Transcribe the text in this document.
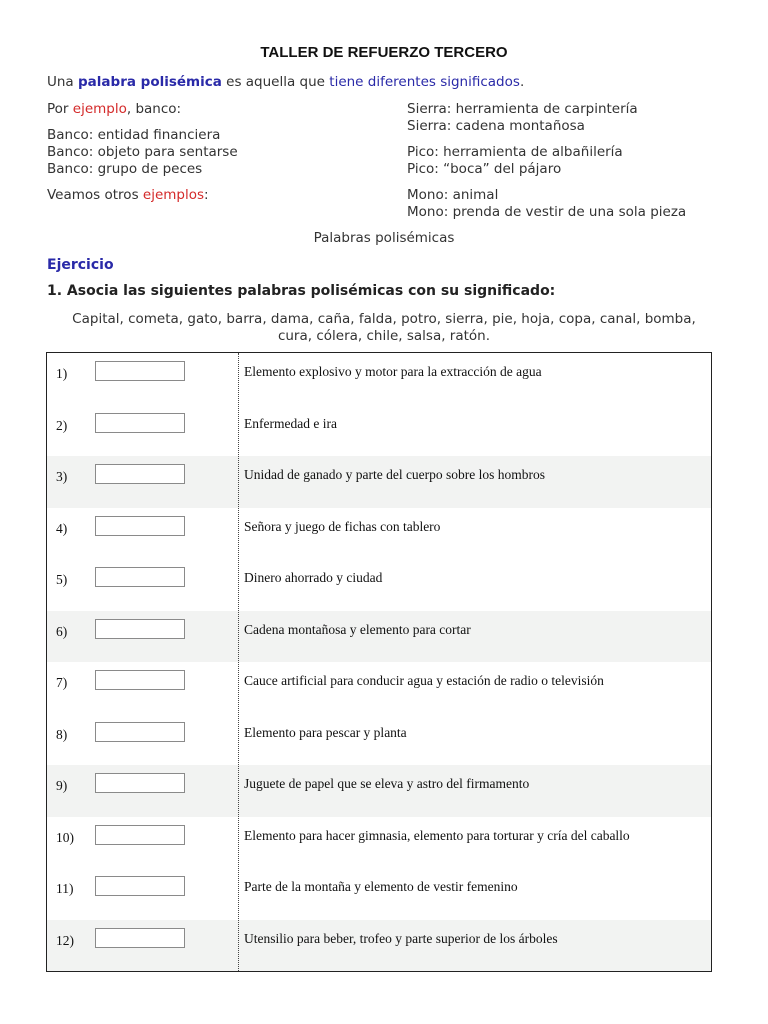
TALLER DE REFUERZO TERCERO
Una palabra polisémica es aquella que tiene diferentes significados.
Por ejemplo, banco:
Banco: entidad financiera
Banco: objeto para sentarse
Banco: grupo de peces
Veamos otros ejemplos:
Sierra: herramienta de carpintería
Sierra: cadena montañosa
Pico: herramienta de albañilería
Pico: “boca” del pájaro
Mono: animal
Mono: prenda de vestir de una sola pieza
Palabras polisémicas
Ejercicio
1. Asocia las siguientes palabras polisémicas con su significado:
Capital, cometa, gato, barra, dama, caña, falda, potro, sierra, pie, hoja, copa, canal, bomba,
cura, cólera, chile, salsa, ratón.
12)	Utensilio para beber, trofeo y parte superior de los árboles
11)	Parte de la montaña y elemento de vestir femenino
10)	Elemento para hacer gimnasia, elemento para torturar y cría del caballo
9)	Juguete de papel que se eleva y astro del firmamento
8)	Elemento para pescar y planta
7)	Cauce artificial para conducir agua y estación de radio o televisión
6)	Cadena montañosa y elemento para cortar
5)	Dinero ahorrado y ciudad
4)	Señora y juego de fichas con tablero
3)	Unidad de ganado y parte del cuerpo sobre los hombros
2)	Enfermedad e ira
1)	Elemento explosivo y motor para la extracción de agua
